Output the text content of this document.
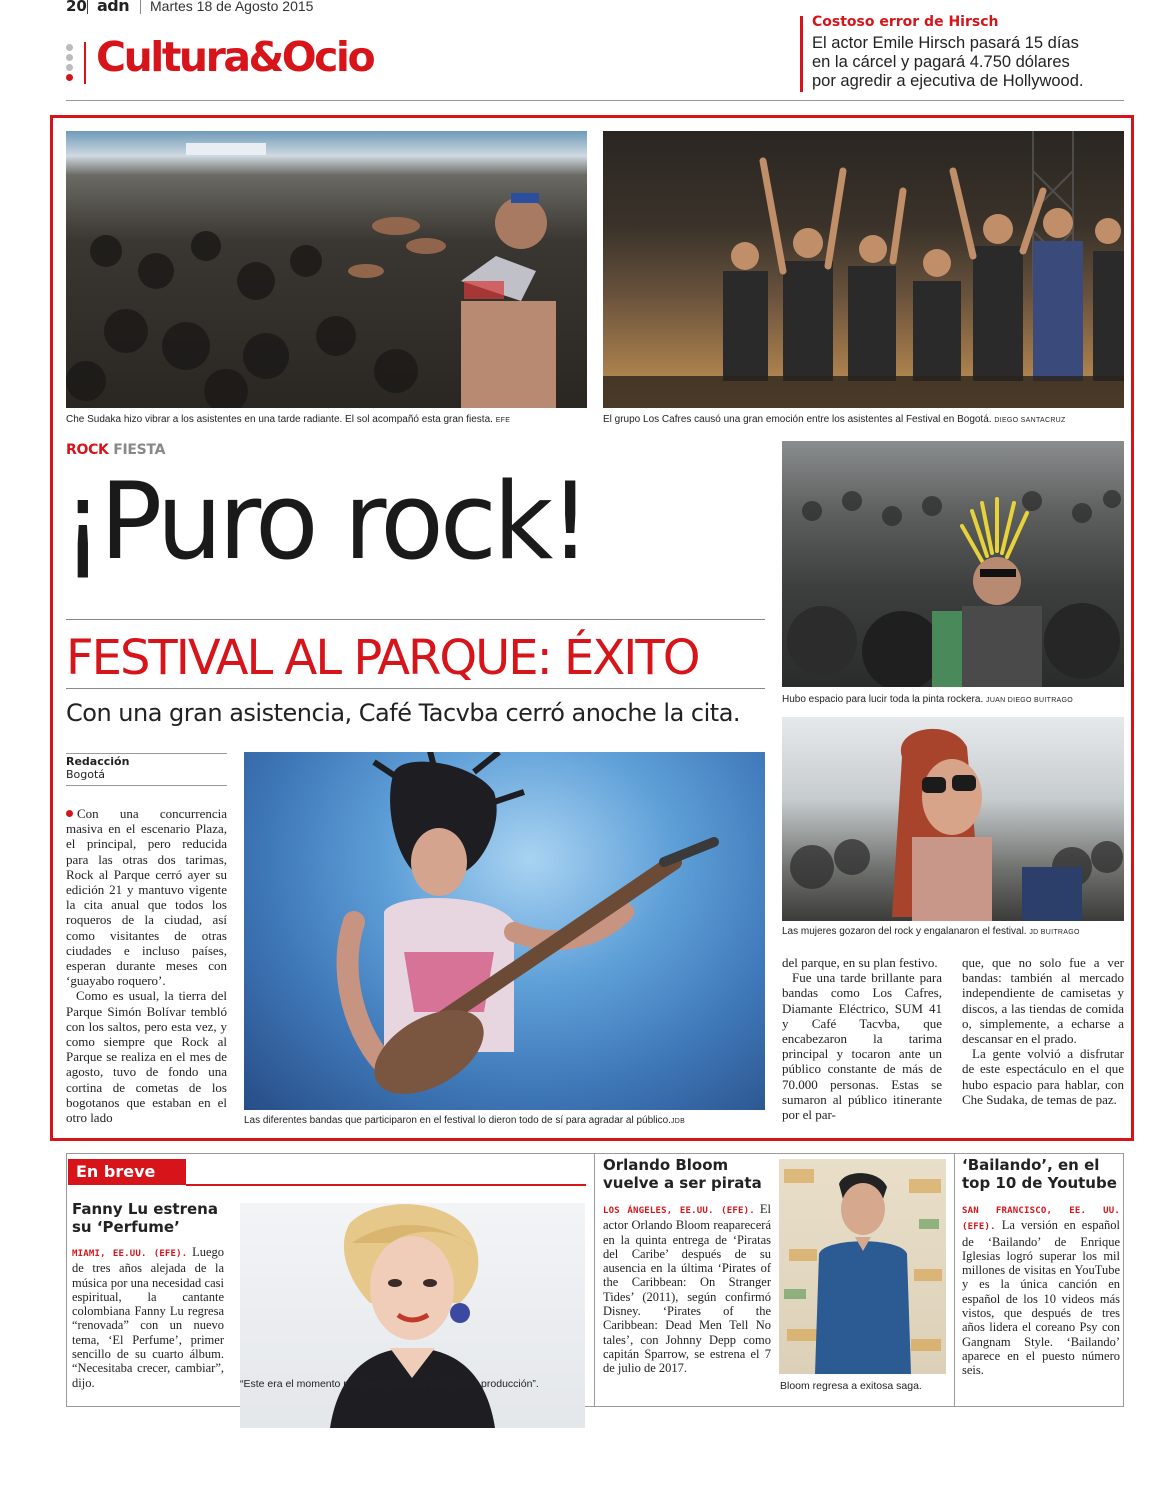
20 adn Martes 18 de Agosto 2015
Cultura&Ocio
Costoso error de Hirsch
El actor Emile Hirsch pasará 15 días
en la cárcel y pagará 4.750 dólares
por agredir a ejecutiva de Hollywood.
Che Sudaka hizo vibrar a los asistentes en una tarde radiante. El sol acompañó esta gran fiesta. EFE	El grupo Los Cafres causó una gran emoción entre los asistentes al Festival en Bogotá. DIEGO SANTACRUZ
ROCK FIESTA
¡Puro rock!
FESTIVAL AL PARQUE: ÉXITO
Con una gran asistencia, Café Tacvba cerró anoche la cita.	Hubo espacio para lucir toda la pinta rockera. JUAN DIEGO BUITRAGO
Las mujeres gozaron del rock y engalanaron el festival. JD BUITRAGO
Redacción
Bogotá

Con una concurrencia masiva en el escenario Plaza, el principal, pero reducida para las otras dos tarimas, Rock al Parque cerró ayer su edición 21 y mantuvo vigente la cita anual que todos los roqueros de la ciudad, así como visitantes de otras ciudades e incluso países, esperan durante meses con ‘guayabo roquero’.

Como es usual, la tierra del Parque Simón Bolívar tembló con los saltos, pero esta vez, y como siempre que Rock al Parque se realiza en el mes de agosto, tuvo de fondo una cortina de cometas de los bogotanos que estaban en el otro lado	Las diferentes bandas que participaron en el festival lo dieron todo de sí para agradar al público.JDB

del parque, en su plan festivo.

Fue una tarde brillante para bandas como Los Cafres, Diamante Eléctrico, SUM 41 y Café Tacvba, que encabezaron la tarima principal y tocaron ante un público constante de más de 70.000 personas. Estas se sumaron al público itinerante por el par-

que, que no solo fue a ver bandas: también al mercado independiente de camisetas y discos, a las tiendas de comida o, simplemente, a echarse a descansar en el prado.

La gente volvió a disfrutar de este espectáculo en el que hubo espacio para hablar, con Che Sudaka, de temas de paz.

En breve
Fanny Lu estrena su ‘Perfume’
MIAMI, EE.UU. (EFE). Luego de tres años alejada de la música por una necesidad casi espiritual, la cantante colombiana Fanny Lu regresa “renovada” con un nuevo tema, ‘El Perfume’, primer sencillo de su cuarto álbum. “Necesitaba crecer, cambiar”, dijo.	“Este era el momento para regresar con una nueva producción”.
Orlando Bloom vuelve a ser pirata
LOS ÁNGELES, EE.UU. (EFE). El actor Orlando Bloom reaparecerá en la quinta entrega de ‘Piratas del Caribe’ después de su ausencia en la última ‘Pirates of the Caribbean: On Stranger Tides’ (2011), según confirmó Disney. ‘Pirates of the Caribbean: Dead Men Tell No tales’, con Johnny Depp como capitán Sparrow, se estrena el 7 de julio de 2017.
Bloom regresa a exitosa saga.
‘Bailando’, en el top 10 de Youtube
SAN FRANCISCO, EE. UU. (EFE). La versión en español de ‘Bailando’ de Enrique Iglesias logró superar los mil millones de visitas en YouTube y es la única canción en español de los 10 videos más vistos, que después de tres años lidera el coreano Psy con Gangnam Style. ‘Bailando’ aparece en el puesto número seis.
